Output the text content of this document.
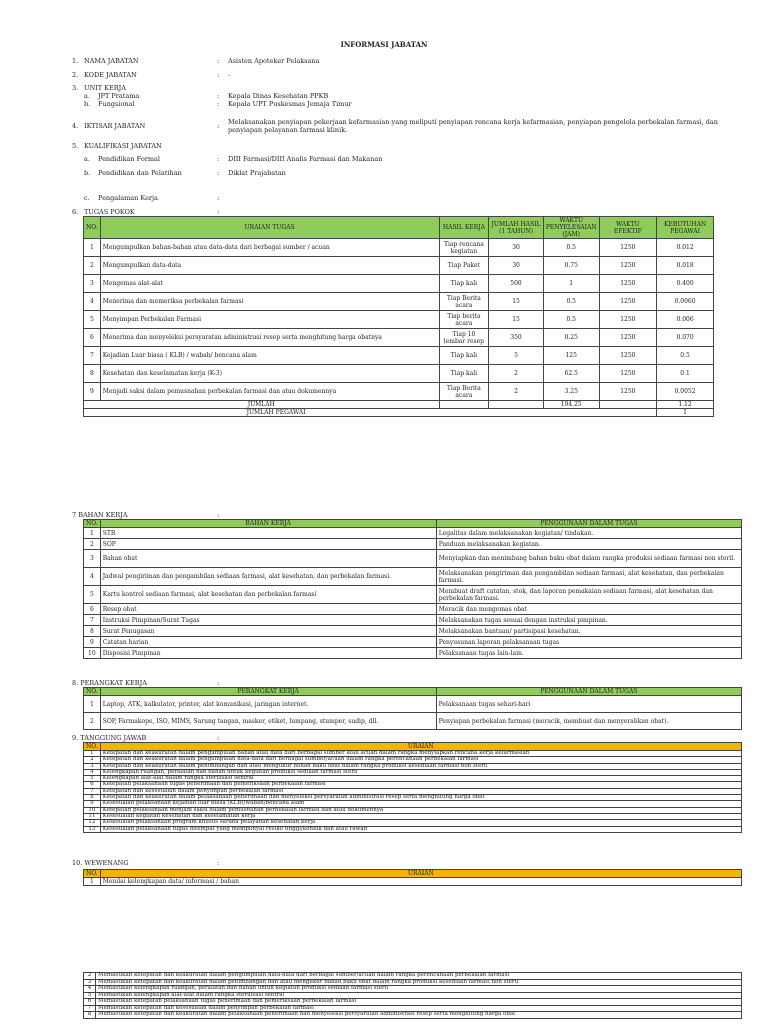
INFORMASI JABATAN
1. NAMA JABATAN	: Asisten Apoteker Pelaksana
2. KODE JABATAN	: -
3. UNIT KERJA
a.	JPT Pratama	: Kepala Dinas Kesehatan PPKB
b.	Fungsional	: Kepala UPT Puskesmas Jemaja Timur
4. IKTISAR JABATAN	: Melaksanakan penyiapan pekerjaan kefarmasian yang meliputi penyiapan rencana kerja kefarmasian, penyiapan pengelola perbekalan farmasi, dan penyiapan pelayanan farmasi klinik.
5. KUALIFIKASI JABATAN
a.	Pendidikan Formal	: DIII Farmasi/DIII Analis Farmasi dan Makanan
b.	Pendidikan dan Pelatihan	: Diklat Prajabatan
c.	Pengalaman Kerja	:
6. TUGAS POKOK	:
NO.	URAIAN TUGAS	HASIL KERJA	JUMLAH HASIL (1 TAHUN)	WAKTU PENYELESAIAN (JAM)	WAKTU EFEKTIF	KEBUTUHAN PEGAWAI
1	Mengumpulkan bahan-bahan atau data-data dari berbagai sumber / acuan	Tiap rencana kegiatan	30	0.5	1250	0.012
2	Mengumpulkan data-data	Tiap Paket	30	0.75	1250	0.018
3	Mengemas alat-alat	Tiap kali	500	1	1250	0.400
4	Menerima dan memeriksa perbekalan farmasi	Tiap Berita acara	15	0.5	1250	0.0060
5	Menyimpan Perbekalan Farmasi	Tiap berita acara	15	0.5	1250	0.006
6	Menerima dan menyeleksi persyaratan administrasi resep serta menghitung harga obatnya	Tiap 10 lembar resep	350	0.25	1250	0.070
7	Kejadian Luar biasa ( KLB) / wabah/ bencana alam	Tiap kali	5	125	1250	0.5
8	Kesehatan dan keselamatan kerja (K-3)	Tiap kali	2	62.5	1250	0.1
9	Menjadi saksi dalam pemusnahan perbekalan farmasi dan atau dokumennya	Tiap Berita acara	2	3.25	1250	0.0052
JUMLAH				194.25		1.12
JUMLAH PEGAWAI						1
7 BAHAN KERJA	:
NO.	BAHAN KERJA	PENGGUNAAN DALAM TUGAS
1	STR	Legalitas dalam melaksanakan kegiatan/ tindakan.
2	SOP	Panduan melaksanakan kegiatan.
3	Bahan obat	Menyiapkan dan menimbang bahan baku obat dalam rangka produksi sediaan farmasi non steril.
4	Jadwal pengiriman dan pengambilan sediaan farmasi, alat kesehatan, dan perbekalan farmasi.	Melaksanakan pengiriman dan pengambilan sediaan farmasi, alat kesehatan, dan perbekalan farmasi.
5	Kartu kontrol sediaan farmasi, alat kesehatan dan perbekalan farmasi	Membuat draft catatan, stok, dan laporan pemakaian sediaan farmasi, alat kesehatan dan perbekalan farmasi.
6	Resep obat	Meracik dan mengemas obat
7	Instruksi Pimpinan/Surat Tugas	Melaksanakan tugas sesuai dengan instruksi pimpinan.
8	Surat Penugasan	Melaksanakan bantuan/ partisipasi kesehatan.
9	Catatan harian	Penyusunan laporan pelaksanaan tugas
10	Disposisi Pimpinan	Pelaksanaan tugas lain-lain.
8. PERANGKAT KERJA	:
NO.	PERANGKAT KERJA	PENGGUNAAN DALAM TUGAS
1	Laptop, ATK, kalkulator, printer, alat komunikasi, jaringan internet.	Pelaksanaan tugas sehari-hari
2	SOP, Farmakope, ISO, MIMS, Sarung tangan, masker, etiket, lumpang, stumper, sudip, dll.	Penyiapan perbekalan farmasi (meracik, membuat dan menyerahkan obat).
9. TANGGUNG JAWAB	:
NO.	URAIAN
1	Ketepatan dan keakuratan dalam pengumpulan bahan atau data dari berbagai sumber atau acuan dalam rangka menyiapkan rencana kerja kefarmasian
2	Ketepatan dan keakuratan dalam pengumpulan data-data dari berbagai sumber/acuan dalam rangka perencanaan perbekalan farmasi
3	Ketepatan dan keakuratan dalam penimbangan dan atau mengukur bahan baku obat dalam rangka produksi kesediaan farmasi non steril
4	Kelengkapan ruangan, peralatan dan bahan untuk kegiatan produksi sediaan farmasi steril
5	Kelengkapan alat-alat dalam rangka sterilisasi sentral
6	Ketepatan pelaksanaan tugas penerimaan dan pemeriksaan perbekalan farmasi
7	Ketepatan dan kesesuaian dalam penyimpan perbekalan farmasi
8	Ketepatan dan keakuratan dalam pelaksanaan penerimaan dan menyeleksi persyaratan administrasi resep serta menghitung harga obat
9	Kesesuaian pelaksanaan kejadian luar biasa (KLB)/wabah/bencana alam
10	Ketepatan pelaksanaan menjadi saksi dalam pemusnahan perbekalan farmasi dan atau dokumennya
11	Kesesuaian kegiatan kesehatan dan keselamatan kerja
12	Kesesuaian pelaksanaan program khusus sarana pelayanan kesehatan kerja
13	Kesesuaian pelaksanaan tugas ditempat yang mempunyai resiko tinggi/konflik dan atau rawan
10. WEWENANG	:
NO.	URAIAN
1	Menilai kelengkapan data/ informasi / bahan
2	Memastikan ketepatan dan keakuratan dalam pengumpulan data-data dari berbagai sumber/acuan dalam rangka perencanaan perbekalan farmasi
3	Memastikan ketepatan dan keakuratan dalam penimbangan dan atau mengukur bahan baku obat dalam rangka produksi kesediaan farmasi non steril
4	Memastikan kelengkapan ruangan, peralatan dan bahan untuk kegiatan produksi sediaan farmasi steril
5	Memastikan kelengkapan alat-alat dalam rangka sterilisasi sentral
6	Memastikan ketepatan pelaksanaan tugas penerimaan dan pemeriksaan perbekalan farmasi
7	Memastikan ketepatan dan kesesuaian dalam penyimpan perbekalan farmasi
8	Memastikan ketepatan dan keakuratan dalam pelaksanaan penerimaan dan menyeleksi persyaratan administrasi resep serta menghitung harga obat
